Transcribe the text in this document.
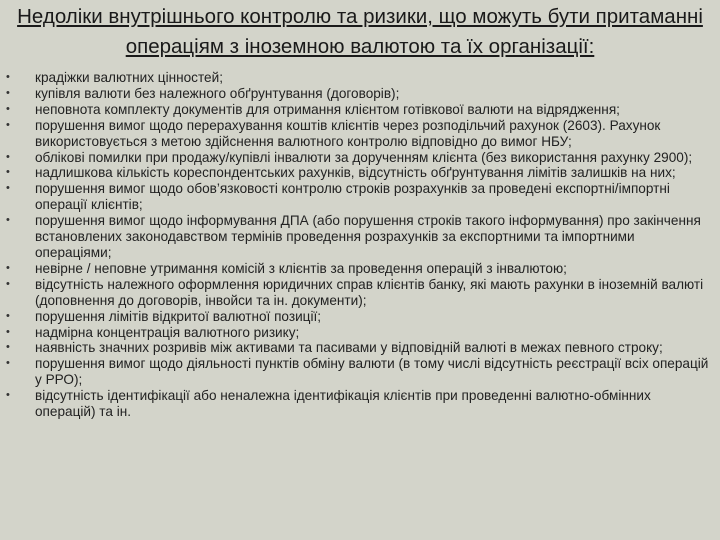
Недоліки внутрішнього контролю та ризики, що можуть бути притаманні операціям з іноземною валютою та їх організації:
• крадіжки валютних цінностей;
• купівля валюти без належного обґрунтування (договорів);
• неповнота комплекту документів для отримання клієнтом готівкової валюти на відрядження;
• порушення вимог щодо перерахування коштів клієнтів через розподільчий рахунок (2603). Рахунок використовується з метою здійснення валютного контролю відповідно до вимог НБУ;
• облікові помилки при продажу/купівлі інвалюти за дорученням клієнта (без використання рахунку 2900);
• надлишкова кількість кореспондентських рахунків, відсутність обґрунтування лімітів залишків на них;
• порушення вимог щодо обов’язковості контролю строків розрахунків за проведені експортні/імпортні операції клієнтів;
• порушення вимог щодо інформування ДПА (або порушення строків такого інформування) про закінчення встановлених законодавством термінів проведення розрахунків за експортними та імпортними операціями;
• невірне / неповне утримання комісій з клієнтів за проведення операцій з інвалютою;
• відсутність належного оформлення юридичних справ клієнтів банку, які мають рахунки в іноземній валюті (доповнення до договорів, інвойси та ін. документи);
• порушення лімітів відкритої валютної позиції;
• надмірна концентрація валютного ризику;
• наявність значних розривів між активами та пасивами у відповідній валюті в межах певного строку;
• порушення вимог щодо діяльності пунктів обміну валюти (в тому числі відсутність реєстрації всіх операцій у РРО);
• відсутність ідентифікації або неналежна ідентифікація клієнтів при проведенні валютно-обмінних операцій) та ін.
